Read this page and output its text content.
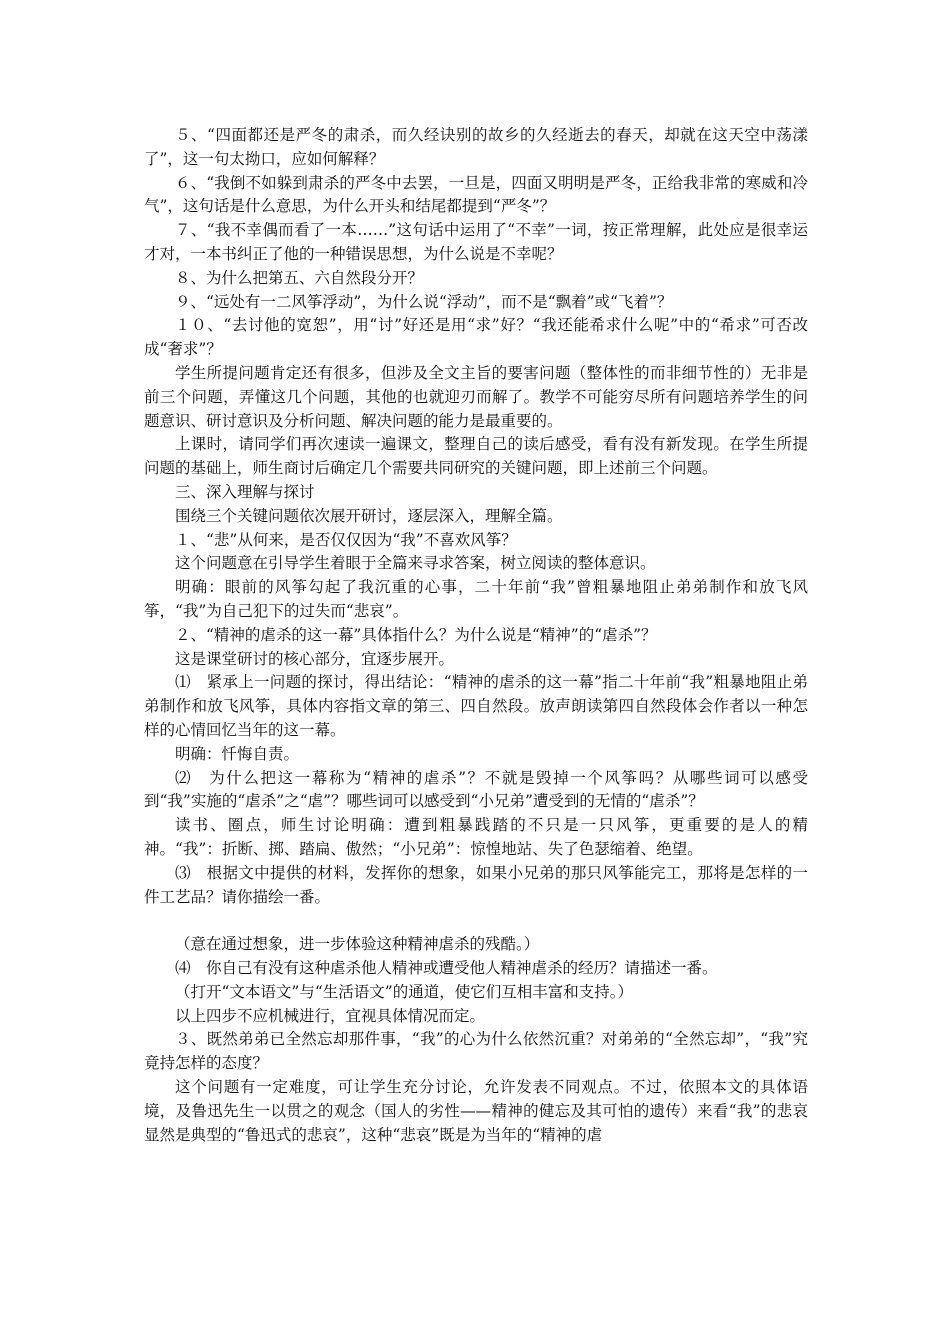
５、“四面都还是严冬的肃杀，而久经诀别的故乡的久经逝去的春天，却就在这天空中荡漾了”，这一句太拗口，应如何解释？

６、“我倒不如躲到肃杀的严冬中去罢，一旦是，四面又明明是严冬，正给我非常的寒威和冷气”，这句话是什么意思，为什么开头和结尾都提到“严冬”？

７、“我不幸偶而看了一本……”这句话中运用了“不幸”一词，按正常理解，此处应是很幸运才对，一本书纠正了他的一种错误思想，为什么说是不幸呢？

８、为什么把第五、六自然段分开？

９、“远处有一二风筝浮动”，为什么说“浮动”，而不是“飘着”或“飞着”？

１０、“去讨他的宽恕”，用“讨”好还是用“求”好？“我还能希求什么呢”中的“希求”可否改成“奢求”？

学生所提问题肯定还有很多，但涉及全文主旨的要害问题（整体性的而非细节性的）无非是前三个问题，弄懂这几个问题，其他的也就迎刃而解了。教学不可能穷尽所有问题培养学生的问题意识、研讨意识及分析问题、解决问题的能力是最重要的。

上课时，请同学们再次速读一遍课文，整理自己的读后感受，看有没有新发现。在学生所提问题的基础上，师生商讨后确定几个需要共同研究的关键问题，即上述前三个问题。

三、深入理解与探讨

围绕三个关键问题依次展开研讨，逐层深入，理解全篇。

１、“悲”从何来，是否仅仅因为“我”不喜欢风筝？

这个问题意在引导学生着眼于全篇来寻求答案，树立阅读的整体意识。

明确：眼前的风筝勾起了我沉重的心事，二十年前“我”曾粗暴地阻止弟弟制作和放飞风筝，“我”为自己犯下的过失而“悲哀”。

２、“精神的虐杀的这一幕”具体指什么？为什么说是“精神”的“虐杀”？

这是课堂研讨的核心部分，宜逐步展开。

⑴　紧承上一问题的探讨，得出结论：“精神的虐杀的这一幕”指二十年前“我”粗暴地阻止弟弟制作和放飞风筝，具体内容指文章的第三、四自然段。放声朗读第四自然段体会作者以一种怎样的心情回忆当年的这一幕。

明确：忏悔自责。

⑵　为什么把这一幕称为“精神的虐杀”？不就是毁掉一个风筝吗？从哪些词可以感受到“我”实施的“虐杀”之“虐”？哪些词可以感受到“小兄弟”遭受到的无情的“虐杀”？

读书、圈点，师生讨论明确：遭到粗暴践踏的不只是一只风筝，更重要的是人的精神。“我”：折断、掷、踏扁、傲然；“小兄弟”：惊惶地站、失了色瑟缩着、绝望。

⑶　根据文中提供的材料，发挥你的想象，如果小兄弟的那只风筝能完工，那将是怎样的一件工艺品？请你描绘一番。

（意在通过想象，进一步体验这种精神虐杀的残酷。）

⑷　你自己有没有这种虐杀他人精神或遭受他人精神虐杀的经历？请描述一番。

（打开“文本语文”与“生活语文”的通道，使它们互相丰富和支持。）

以上四步不应机械进行，宜视具体情况而定。

３、既然弟弟已全然忘却那件事，“我”的心为什么依然沉重？对弟弟的“全然忘却”，“我”究竟持怎样的态度？

这个问题有一定难度，可让学生充分讨论，允许发表不同观点。不过，依照本文的具体语境，及鲁迅先生一以贯之的观念（国人的劣性——精神的健忘及其可怕的遗传）来看“我”的悲哀显然是典型的“鲁迅式的悲哀”，这种“悲哀”既是为当年的“精神的虐
